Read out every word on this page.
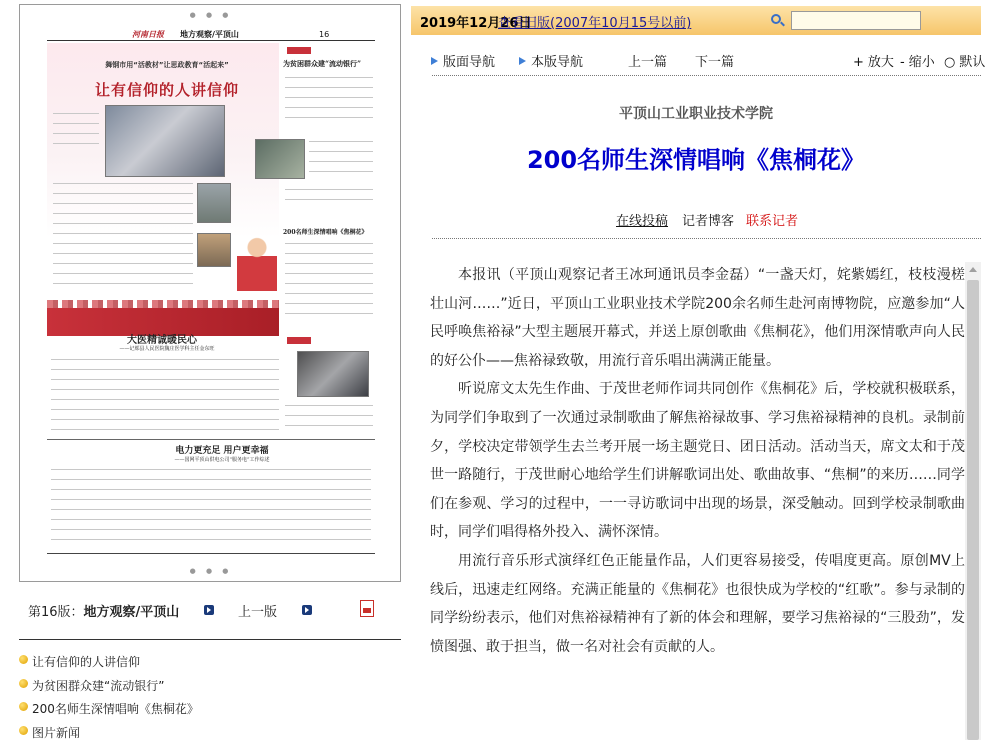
● ● ●
河南日报 地方观察/平顶山	16
舞钢市用“活教材”让思政教育“活起来”
让有信仰的人讲信仰
为贫困群众建“流动银行”
200名师生深情唱响《焦桐花》
大医精诚暖民心
——记郏县人民医院魏庄医学科主任金东旺
电力更充足 用户更幸福
——国网平顶山供电公司“服务电”工作综述
● ● ●
第16版：地方观察/平顶山	上一版
让有信仰的人讲信仰
为贫困群众建“流动银行”
200名师生深情唱响《焦桐花》
图片新闻
2019年12月26日
查看旧版(2007年10月15号以前)
版面导航	本版导航	上一篇 下一篇	+ 放大 - 缩小 ○ 默认
平顶山工业职业技术学院
200名师生深情唱响《焦桐花》
在线投稿 记者博客 联系记者

本报讯（平顶山观察记者王冰珂通讯员李金磊）“一盏天灯，姹紫嫣红，枝枝漫槎壮山河……”近日，平顶山工业职业技术学院200余名师生赴河南博物院，应邀参加“人民呼唤焦裕禄”大型主题展开幕式，并送上原创歌曲《焦桐花》，他们用深情歌声向人民的好公仆——焦裕禄致敬，用流行音乐唱出满满正能量。

听说席文太先生作曲、于茂世老师作词共同创作《焦桐花》后，学校就积极联系，为同学们争取到了一次通过录制歌曲了解焦裕禄故事、学习焦裕禄精神的良机。录制前夕，学校决定带领学生去兰考开展一场主题党日、团日活动。活动当天，席文太和于茂世一路随行，于茂世耐心地给学生们讲解歌词出处、歌曲故事、“焦桐”的来历……同学们在参观、学习的过程中，一一寻访歌词中出现的场景，深受触动。回到学校录制歌曲时，同学们唱得格外投入、满怀深情。

用流行音乐形式演绎红色正能量作品，人们更容易接受，传唱度更高。原创MV上线后，迅速走红网络。充满正能量的《焦桐花》也很快成为学校的“红歌”。参与录制的同学纷纷表示，他们对焦裕禄精神有了新的体会和理解，要学习焦裕禄的“三股劲”，发愤图强、敢于担当，做一名对社会有贡献的人。
